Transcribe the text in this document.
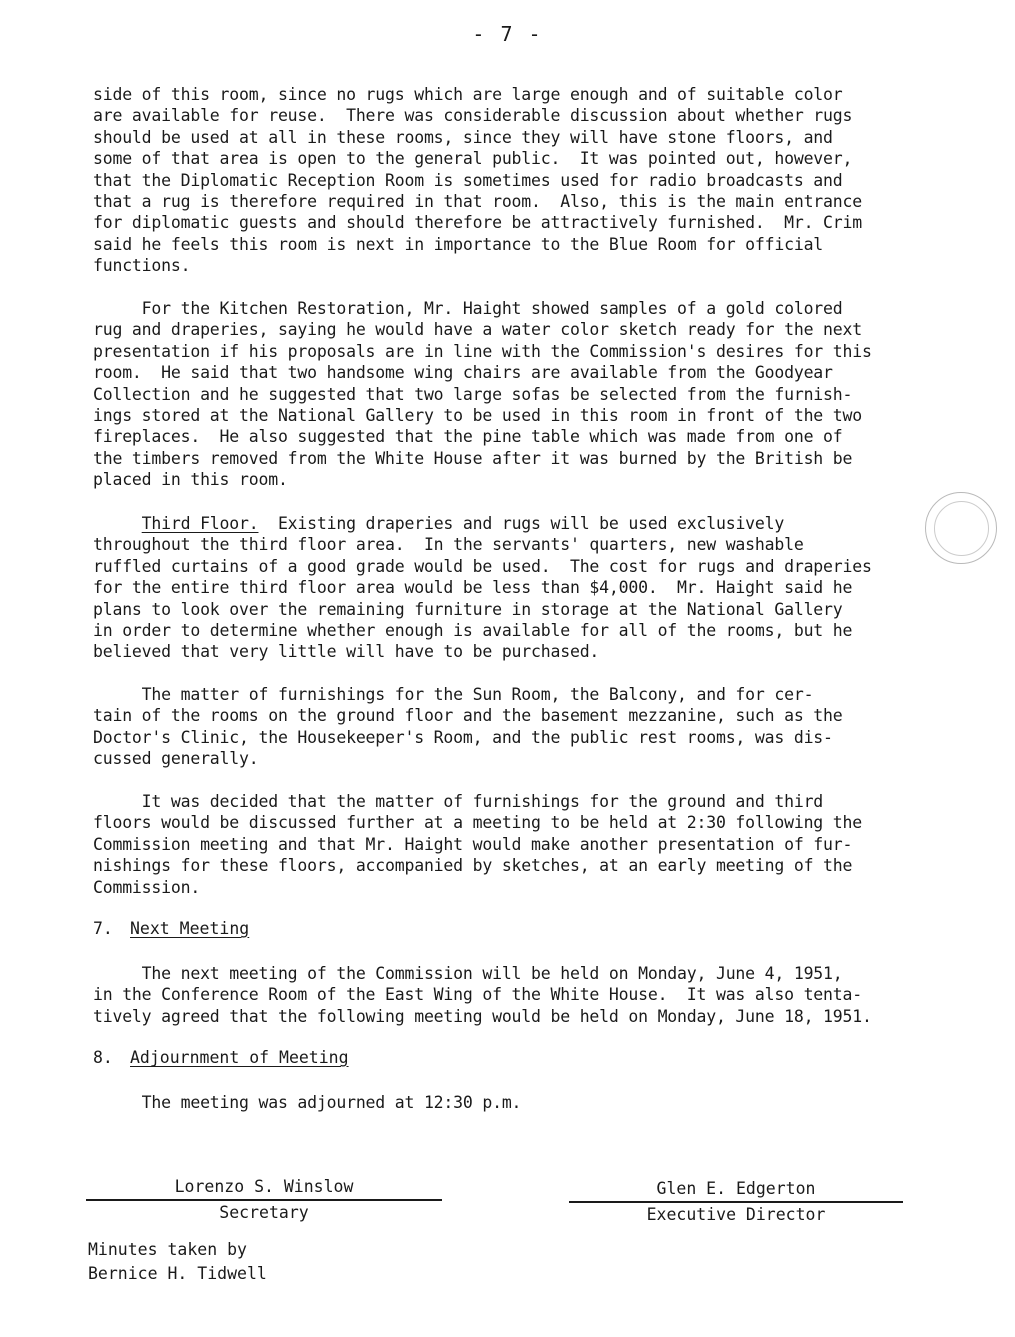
- 7 -
side of this room, since no rugs which are large enough and of suitable color
are available for reuse.  There was considerable discussion about whether rugs
should be used at all in these rooms, since they will have stone floors, and
some of that area is open to the general public.  It was pointed out, however,
that the Diplomatic Reception Room is sometimes used for radio broadcasts and
that a rug is therefore required in that room.  Also, this is the main entrance
for diplomatic guests and should therefore be attractively furnished.  Mr. Crim
said he feels this room is next in importance to the Blue Room for official
functions.
For the Kitchen Restoration, Mr. Haight showed samples of a gold colored
rug and draperies, saying he would have a water color sketch ready for the next
presentation if his proposals are in line with the Commission's desires for this
room.  He said that two handsome wing chairs are available from the Goodyear
Collection and he suggested that two large sofas be selected from the furnish-
ings stored at the National Gallery to be used in this room in front of the two
fireplaces.  He also suggested that the pine table which was made from one of
the timbers removed from the White House after it was burned by the British be
placed in this room.
Third Floor.  Existing draperies and rugs will be used exclusively
throughout the third floor area.  In the servants' quarters, new washable
ruffled curtains of a good grade would be used.  The cost for rugs and draperies
for the entire third floor area would be less than $4,000.  Mr. Haight said he
plans to look over the remaining furniture in storage at the National Gallery
in order to determine whether enough is available for all of the rooms, but he
believed that very little will have to be purchased.
The matter of furnishings for the Sun Room, the Balcony, and for cer-
tain of the rooms on the ground floor and the basement mezzanine, such as the
Doctor's Clinic, the Housekeeper's Room, and the public rest rooms, was dis-
cussed generally.
It was decided that the matter of furnishings for the ground and third
floors would be discussed further at a meeting to be held at 2:30 following the
Commission meeting and that Mr. Haight would make another presentation of fur-
nishings for these floors, accompanied by sketches, at an early meeting of the
Commission.
7. Next Meeting
The next meeting of the Commission will be held on Monday, June 4, 1951,
in the Conference Room of the East Wing of the White House.  It was also tenta-
tively agreed that the following meeting would be held on Monday, June 18, 1951.
8. Adjournment of Meeting
The meeting was adjourned at 12:30 p.m.
Lorenzo S. Winslow
Secretary
Glen E. Edgerton
Executive Director
Minutes taken by
Bernice H. Tidwell
